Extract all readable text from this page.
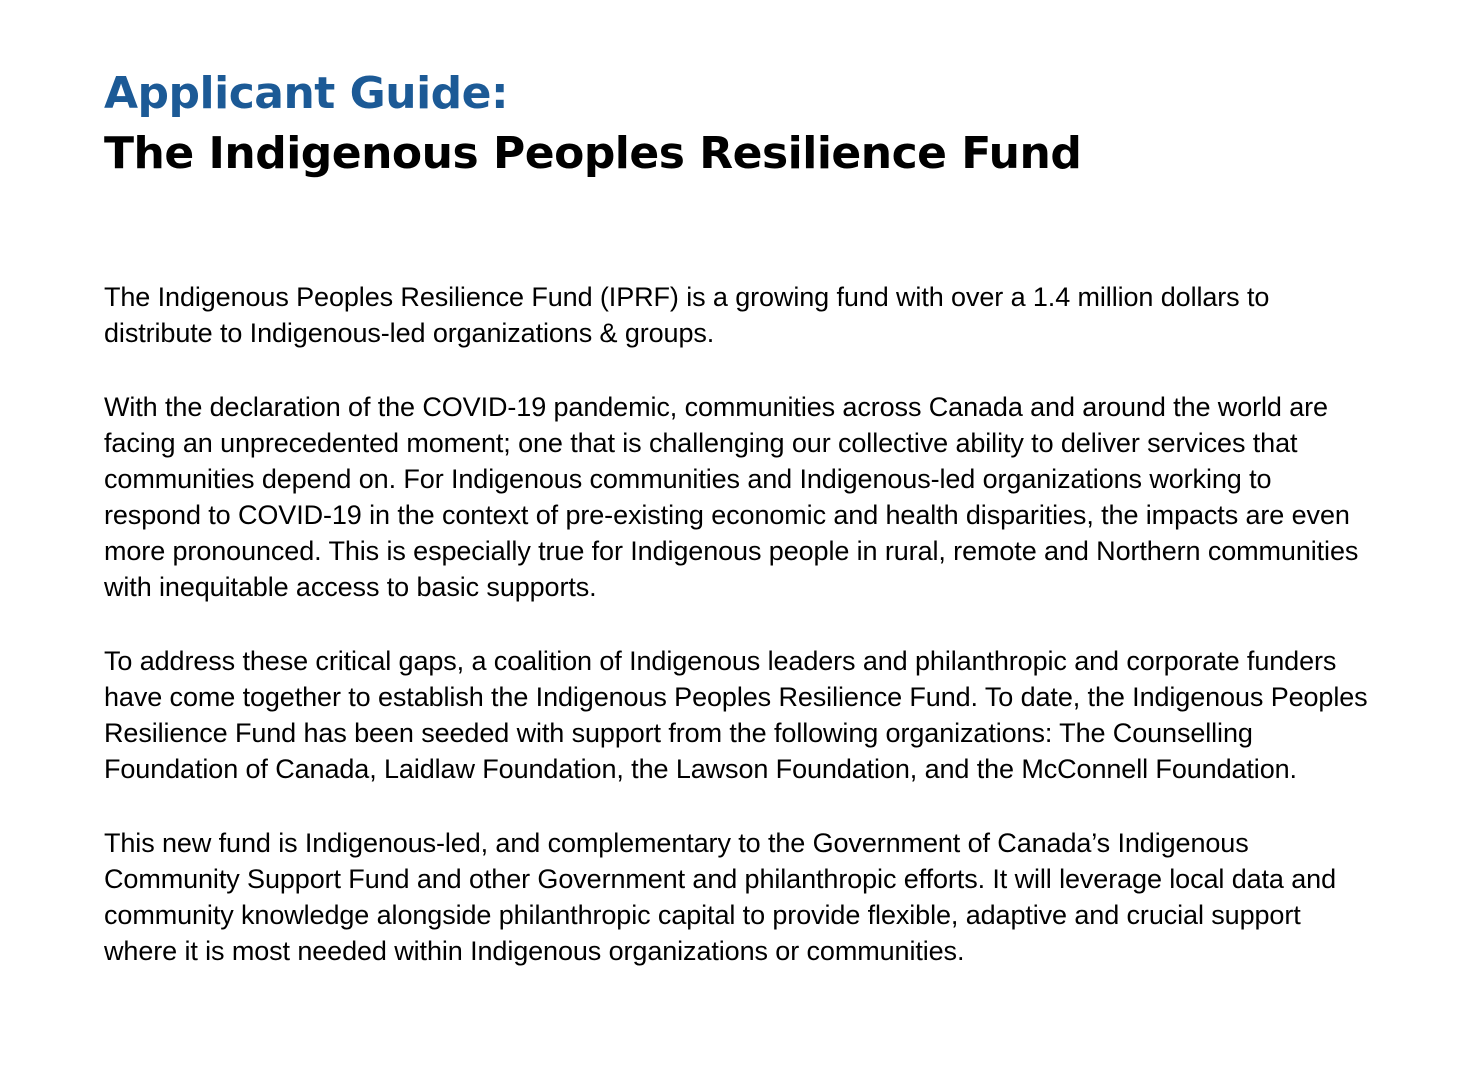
Applicant Guide:
The Indigenous Peoples Resilience Fund

The Indigenous Peoples Resilience Fund (IPRF) is a growing fund with over a 1.4 million dollars to distribute to Indigenous-led organizations & groups.

With the declaration of the COVID-19 pandemic, communities across Canada and around the world are facing an unprecedented moment; one that is challenging our collective ability to deliver services that communities depend on. For Indigenous communities and Indigenous-led organizations working to respond to COVID-19 in the context of pre-existing economic and health disparities, the impacts are even more pronounced. This is especially true for Indigenous people in rural, remote and Northern communities with inequitable access to basic supports.

To address these critical gaps, a coalition of Indigenous leaders and philanthropic and corporate funders have come together to establish the Indigenous Peoples Resilience Fund. To date, the Indigenous Peoples Resilience Fund has been seeded with support from the following organizations: The Counselling Foundation of Canada, Laidlaw Foundation, the Lawson Foundation, and the McConnell Foundation.

This new fund is Indigenous-led, and complementary to the Government of Canada’s Indigenous Community Support Fund and other Government and philanthropic efforts. It will leverage local data and community knowledge alongside philanthropic capital to provide flexible, adaptive and crucial support where it is most needed within Indigenous organizations or communities.
